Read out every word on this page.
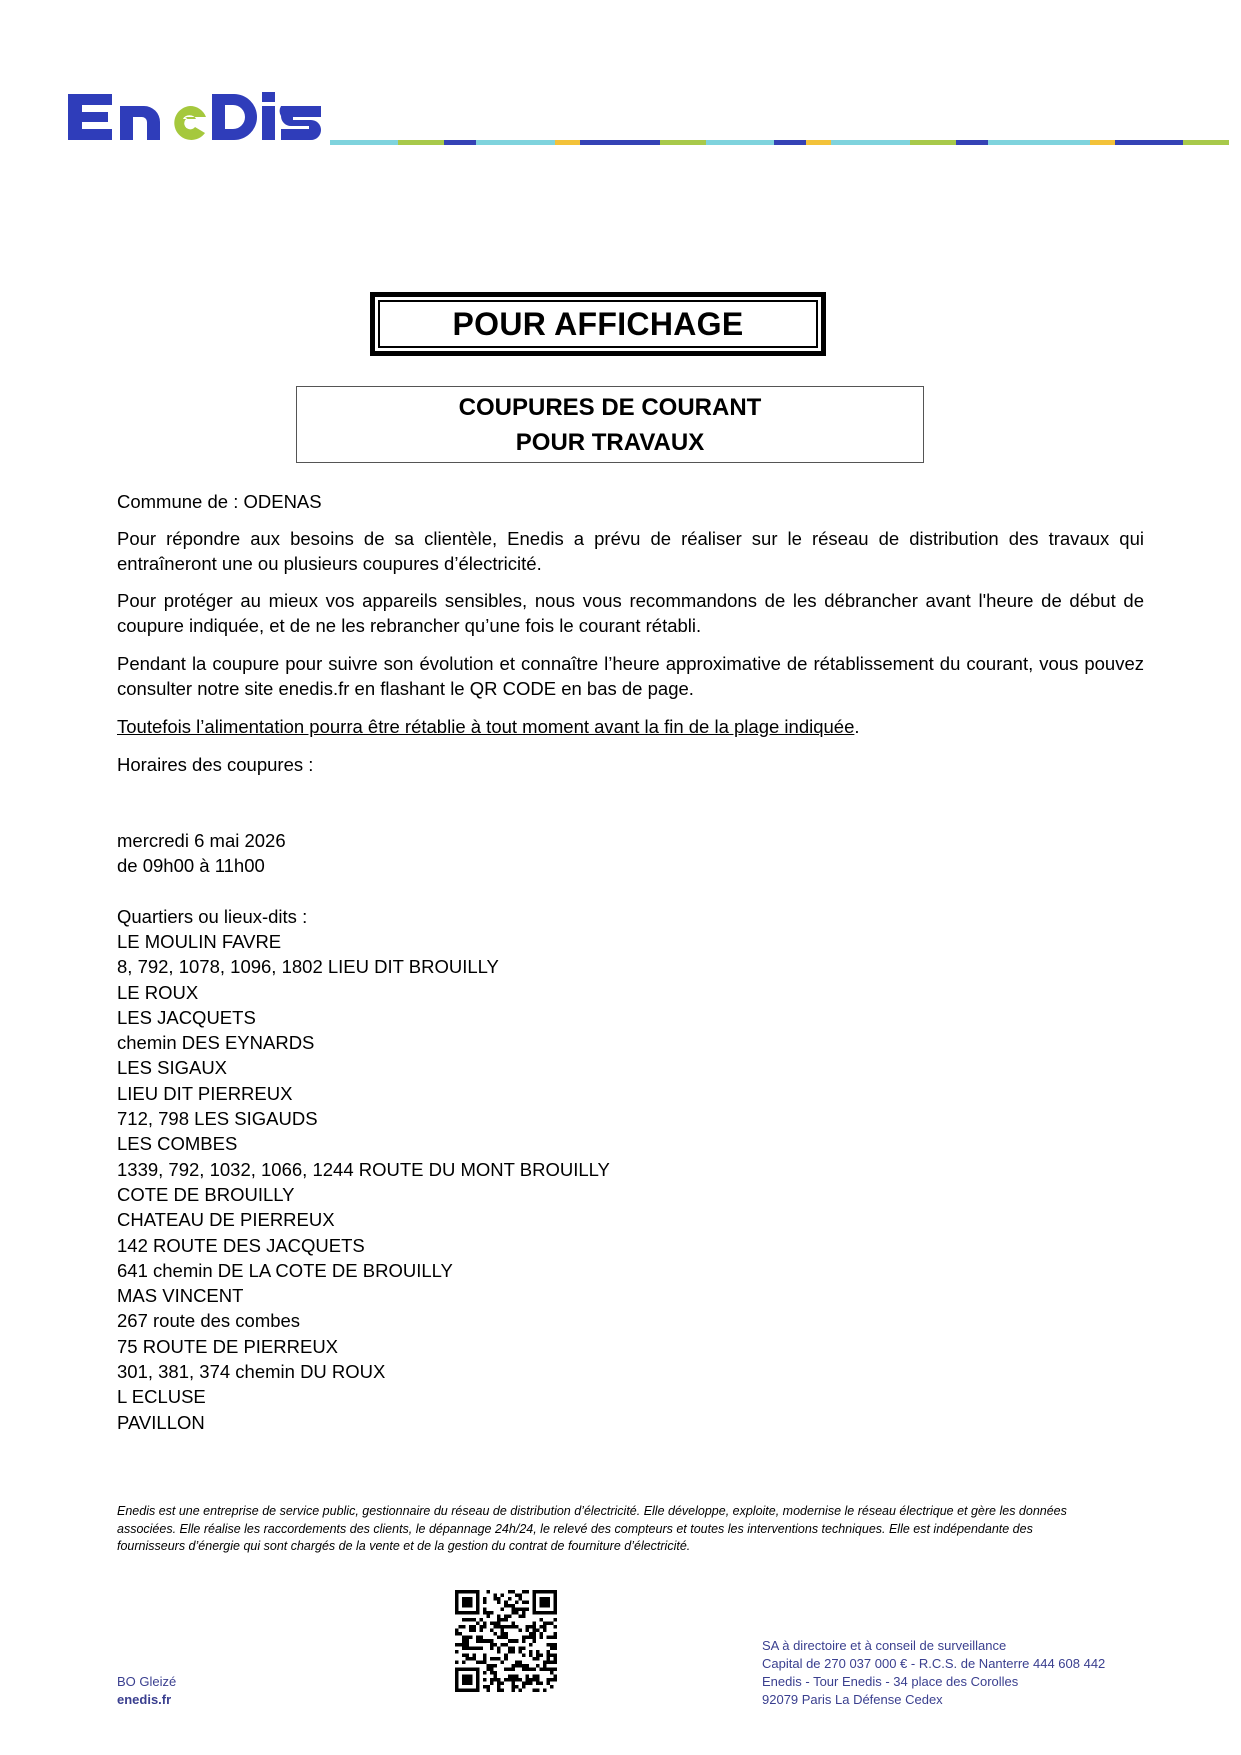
POUR AFFICHAGE
COUPURES DE COURANT
POUR TRAVAUX
Commune de : ODENAS
Pour répondre aux besoins de sa clientèle, Enedis a prévu de réaliser sur le réseau de distribution des travaux qui entraîneront une ou plusieurs coupures d’électricité.
Pour protéger au mieux vos appareils sensibles, nous vous recommandons de les débrancher avant l'heure de début de coupure indiquée, et de ne les rebrancher qu’une fois le courant rétabli.
Pendant la coupure pour suivre son évolution et connaître l’heure approximative de rétablissement du courant, vous pouvez consulter notre site enedis.fr en flashant le QR CODE en bas de page.
Toutefois l’alimentation pourra être rétablie à tout moment avant la fin de la plage indiquée.
Horaires des coupures :
mercredi 6 mai 2026
de 09h00 à 11h00
Quartiers ou lieux-dits :
LE MOULIN FAVRE
8, 792, 1078, 1096, 1802 LIEU DIT BROUILLY
LE ROUX
LES JACQUETS
chemin DES EYNARDS
LES SIGAUX
LIEU DIT PIERREUX
712, 798 LES SIGAUDS
LES COMBES
1339, 792, 1032, 1066, 1244 ROUTE DU MONT BROUILLY
COTE DE BROUILLY
CHATEAU DE PIERREUX
142 ROUTE DES JACQUETS
641 chemin DE LA COTE DE BROUILLY
MAS VINCENT
267 route des combes
75 ROUTE DE PIERREUX
301, 381, 374 chemin DU ROUX
L ECLUSE
PAVILLON
Enedis est une entreprise de service public, gestionnaire du réseau de distribution d’électricité. Elle développe, exploite, modernise le réseau électrique et gère les données
associées. Elle réalise les raccordements des clients, le dépannage 24h/24, le relevé des compteurs et toutes les interventions techniques. Elle est indépendante des
fournisseurs d’énergie qui sont chargés de la vente et de la gestion du contrat de fourniture d’électricité.
BO Gleizé
enedis.fr
SA à directoire et à conseil de surveillance
Capital de 270 037 000 € - R.C.S. de Nanterre 444 608 442
Enedis - Tour Enedis - 34 place des Corolles
92079 Paris La Défense Cedex
